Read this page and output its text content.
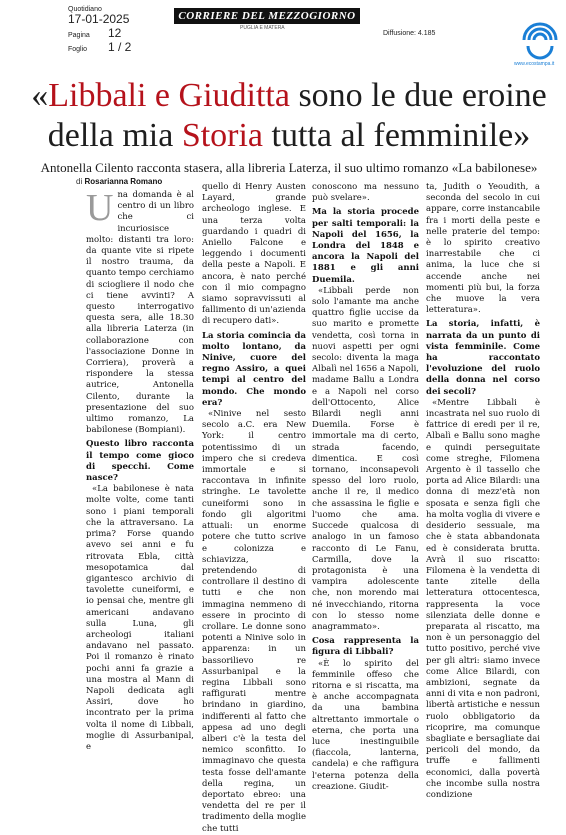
Quotidiano
17-01-2025
Pagina	12
Foglio	1 / 2
CORRIERE DEL MEZZOGIORNO
PUGLIA E MATERA
Diffusione: 4.185
www.ecostampa.it
«Libbali e Giuditta sono le due eroine
della mia Storia tutta al femminile»
Antonella Cilento racconta stasera, alla libreria Laterza, il suo ultimo romanzo «La babilonese»
di Rosarianna Romano
U na domanda è al centro di un libro che ci incuriosisce molto: distanti tra loro: da quante vite si ripete il nostro trauma, da quanto tempo cerchiamo di sciogliere il nodo che ci tiene avvinti? A questo interrogativo questa sera, alle 18.30 alla libreria Laterza (in collaborazione con l'associazione Donne in Corriera), proverà a rispondere la stessa autrice, Antonella Cilento, durante la presentazione del suo ultimo romanzo, La babilonese (Bompiani).

Questo libro racconta il tempo come gioco di specchi. Come nasce?

«La babilonese è nata molte volte, come tanti sono i piani temporali che la attraversano. La prima? Forse quando avevo sei anni e fu ritrovata Ebla, città mesopotamica dal gigantesco archivio di tavolette cuneiformi, e io pensai che, mentre gli americani andavano sulla Luna, gli archeologi italiani andavano nel passato. Poi il romanzo è rinato pochi anni fa grazie a una mostra al Mann di Napoli dedicata agli Assiri, dove ho incontrato per la prima volta il nome di Libbali, moglie di Assurbanipal, e

quello di Henry Austen Layard, grande archeologo inglese. E una terza volta guardando i quadri di Aniello Falcone e leggendo i documenti della peste a Napoli. E ancora, è nato perché con il mio compagno siamo sopravvissuti al fallimento di un'azienda di recupero dati».

La storia comincia da molto lontano, da Ninive, cuore del regno Assiro, a quei tempi al centro del mondo. Che mondo era?

«Ninive nel sesto secolo a.C. era New York: il centro potentissimo di un impero che si credeva immortale e si raccontava in infinite stringhe. Le tavolette cuneiformi sono in fondo gli algoritmi attuali: un enorme potere che tutto scrive e colonizza e schiavizza, pretendendo di controllare il destino di tutti e che non immagina nemmeno di essere in procinto di crollare. Le donne sono potenti a Ninive solo in apparenza: in un bassorilievo re Assurbanipal e la regina Libbali sono raffigurati mentre brindano in giardino, indifferenti al fatto che appesa ad uno degli alberi c'è la testa del nemico sconfitto. Io immaginavo che questa testa fosse dell'amante della regina, un deportato ebreo: una vendetta del re per il tradimento della moglie che tutti

conoscono ma nessuno può svelare».

Ma la storia procede per salti temporali: la Napoli del 1656, la Londra del 1848 e ancora la Napoli del 1881 e gli anni Duemila.

«Libbali perde non solo l'amante ma anche quattro figlie uccise da suo marito e promette vendetta, così torna in nuovi aspetti per ogni secolo: diventa la maga Albalì nel 1656 a Napoli, madame Ballu a Londra e a Napoli nel corso dell'Ottocento, Alice Bilardi negli anni Duemila. Forse è immortale ma di certo, strada facendo, dimentica. E così tornano, inconsapevoli spesso del loro ruolo, anche il re, il medico che assassina le figlie e l'uomo che ama. Succede qualcosa di analogo in un famoso racconto di Le Fanu, Carmilla, dove la protagonista è una vampira adolescente che, non morendo mai né invecchiando, ritorna con lo stesso nome anagrammato».

Cosa rappresenta la figura di Libbali?

«È lo spirito del femminile offeso che ritorna e si riscatta, ma è anche accompagnata da una bambina altrettanto immortale o eterna, che porta una luce inestinguibile (fiaccola, lanterna, candela) e che raffigura l'eterna potenza della creazione. Giudit-

ta, Judith o Yeoudith, a seconda del secolo in cui appare, corre instancabile fra i morti della peste e nelle praterie del tempo: è lo spirito creativo inarrestabile che ci anima, la luce che si accende anche nei momenti più bui, la forza che muove la vera letteratura».

La storia, infatti, è narrata da un punto di vista femminile. Come ha raccontato l'evoluzione del ruolo della donna nel corso dei secoli?

«Mentre Libbali è incastrata nel suo ruolo di fattrice di eredi per il re, Albalì e Ballu sono maghe e quindi perseguitate come streghe, Filomena Argento è il tassello che porta ad Alice Bilardi: una donna di mezz'età non sposata e senza figli che ha molta voglia di vivere e desiderio sessuale, ma che è stata abbandonata ed è considerata brutta. Avrà il suo riscatto: Filomena è la vendetta di tante zitelle della letteratura ottocentesca, rappresenta la voce silenziata delle donne e preparata al riscatto, ma non è un personaggio del tutto positivo, perché vive per gli altri: siamo invece come Alice Bilardi, con ambizioni, segnate da anni di vita e non padroni, libertà artistiche e nessun ruolo obbligatorio da ricoprire, ma comunque sbagliate e bersagliate dai pericoli del mondo, da truffe e fallimenti economici, dalla povertà che incombe sulla nostra condizione
